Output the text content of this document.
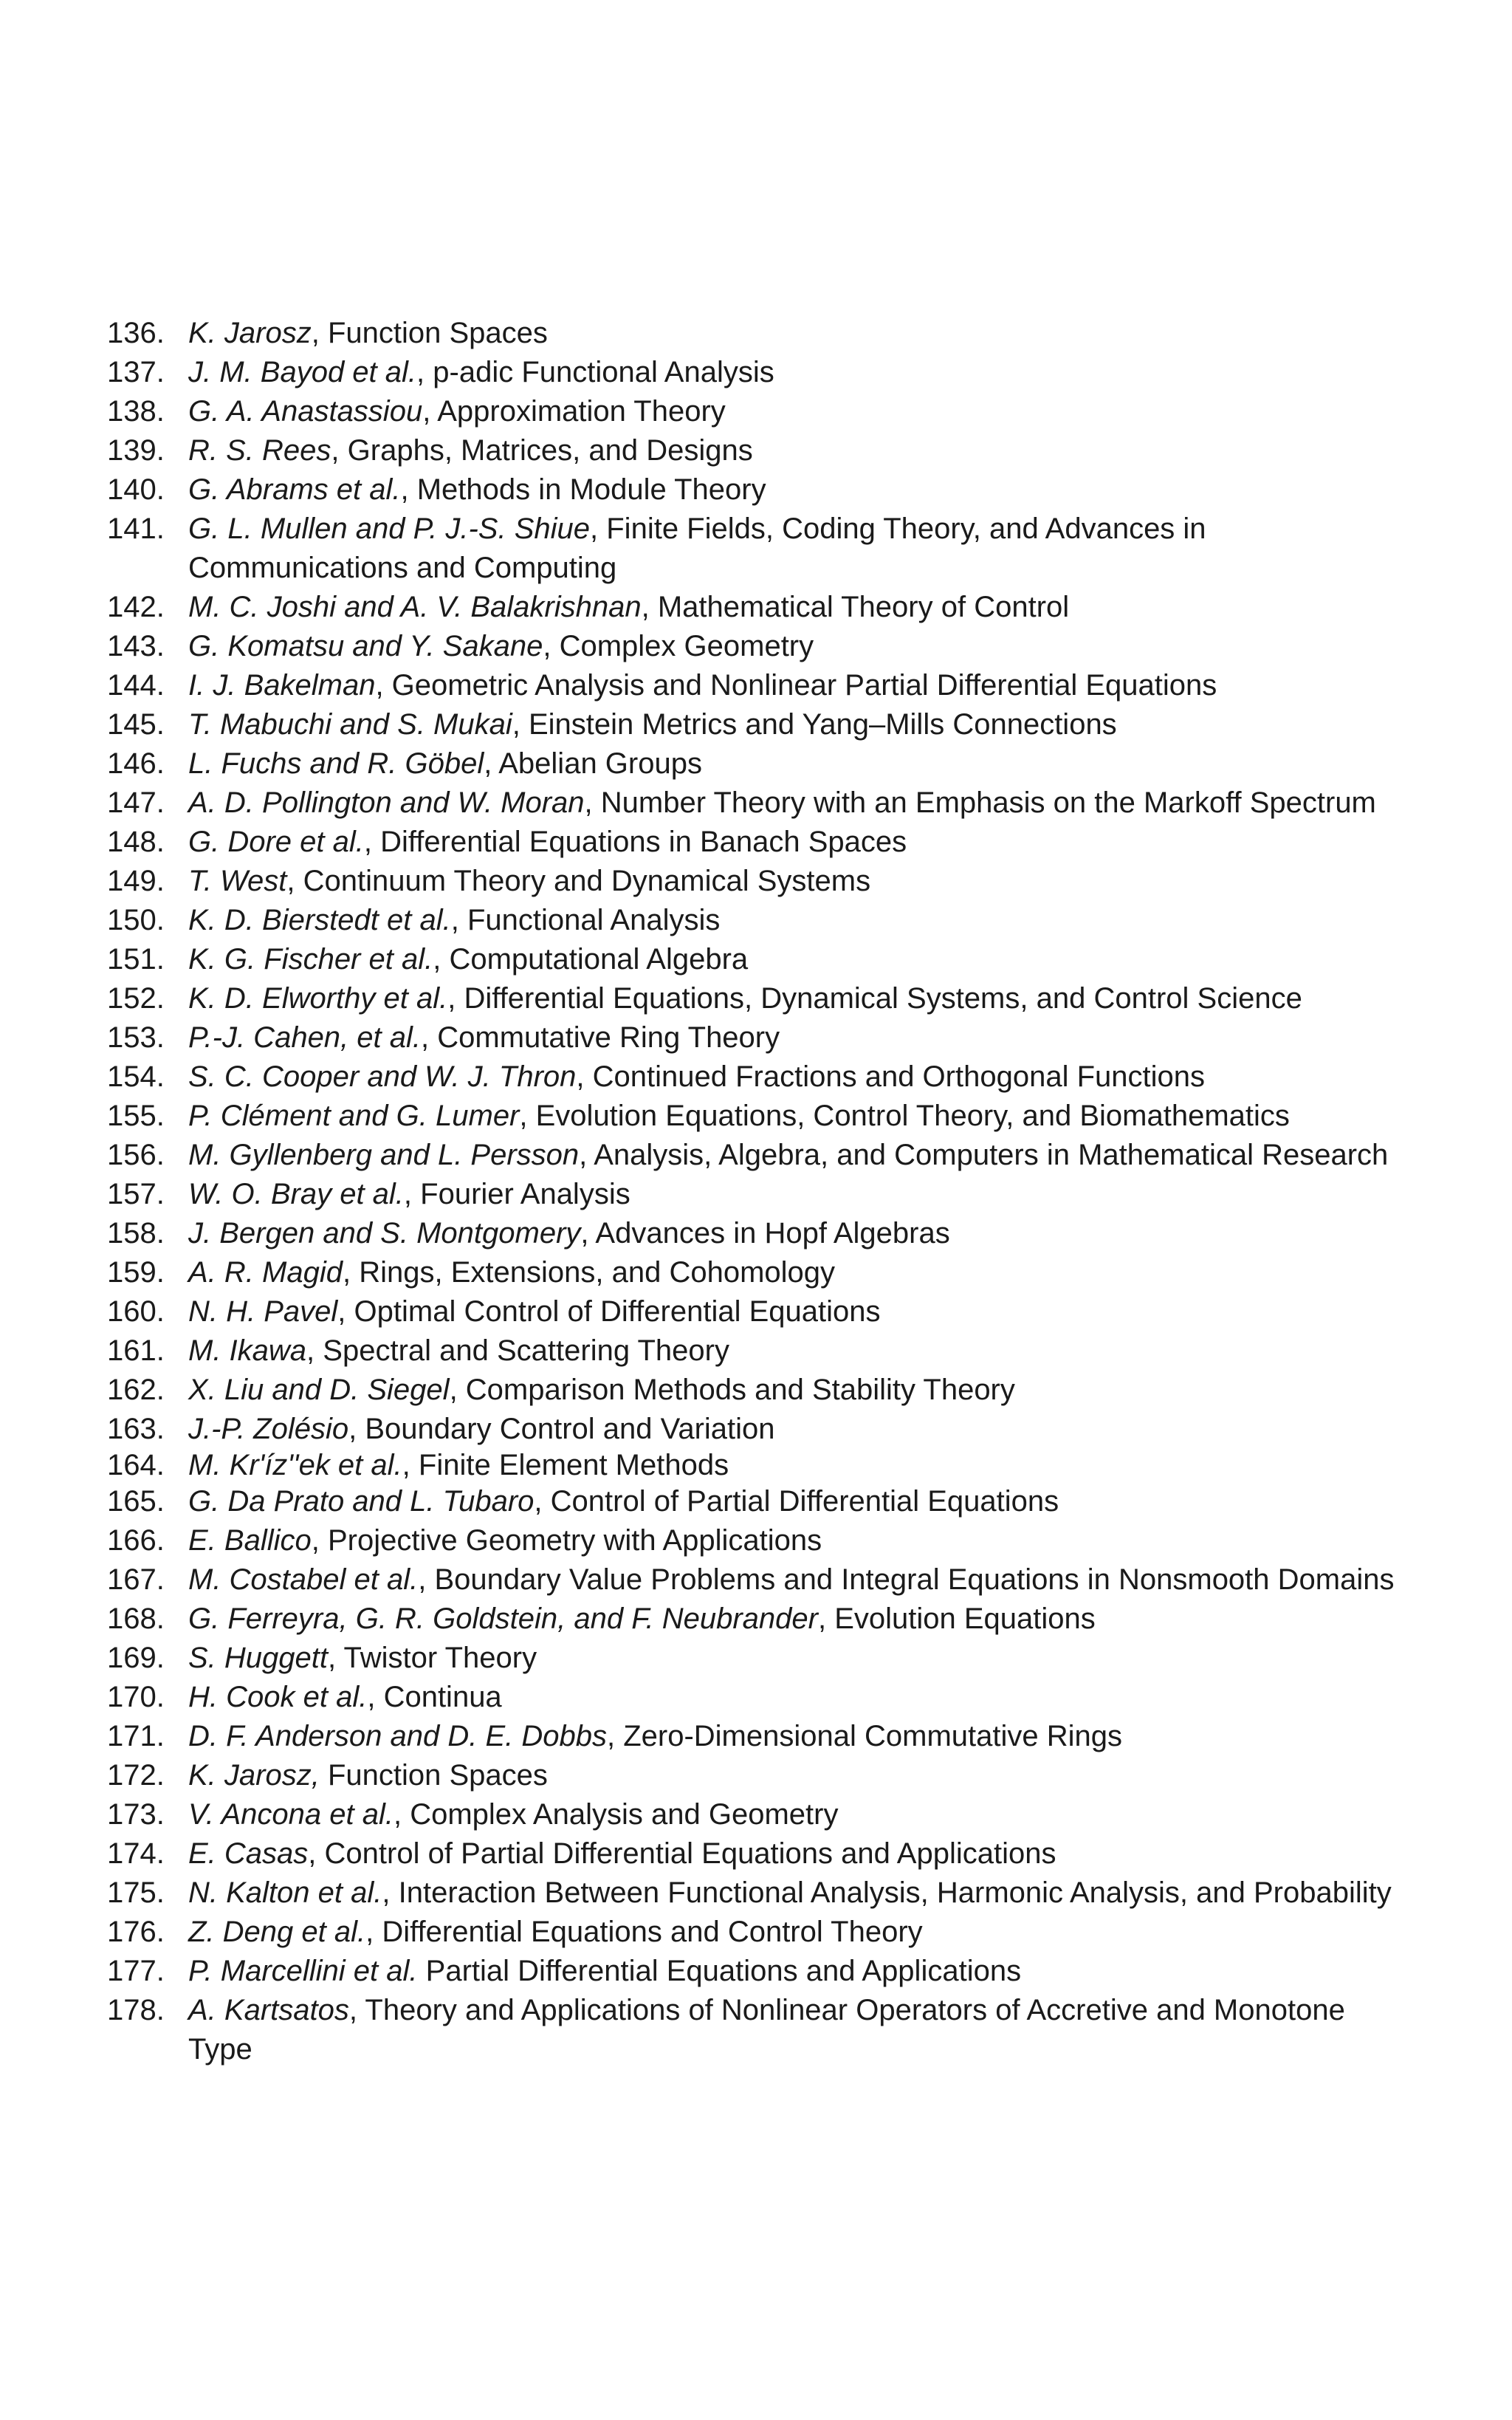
136. K. Jarosz, Function Spaces
137. J. M. Bayod et al., p-adic Functional Analysis
138. G. A. Anastassiou, Approximation Theory
139. R. S. Rees, Graphs, Matrices, and Designs
140. G. Abrams et al., Methods in Module Theory
141. G. L. Mullen and P. J.-S. Shiue, Finite Fields, Coding Theory, and Advances in Communications and Computing
142. M. C. Joshi and A. V. Balakrishnan, Mathematical Theory of Control
143. G. Komatsu and Y. Sakane, Complex Geometry
144. I. J. Bakelman, Geometric Analysis and Nonlinear Partial Differential Equations
145. T. Mabuchi and S. Mukai, Einstein Metrics and Yang–Mills Connections
146. L. Fuchs and R. Göbel, Abelian Groups
147. A. D. Pollington and W. Moran, Number Theory with an Emphasis on the Markoff Spectrum
148. G. Dore et al., Differential Equations in Banach Spaces
149. T. West, Continuum Theory and Dynamical Systems
150. K. D. Bierstedt et al., Functional Analysis
151. K. G. Fischer et al., Computational Algebra
152. K. D. Elworthy et al., Differential Equations, Dynamical Systems, and Control Science
153. P.-J. Cahen, et al., Commutative Ring Theory
154. S. C. Cooper and W. J. Thron, Continued Fractions and Orthogonal Functions
155. P. Clément and G. Lumer, Evolution Equations, Control Theory, and Biomathematics
156. M. Gyllenberg and L. Persson, Analysis, Algebra, and Computers in Mathematical Research
157. W. O. Bray et al., Fourier Analysis
158. J. Bergen and S. Montgomery, Advances in Hopf Algebras
159. A. R. Magid, Rings, Extensions, and Cohomology
160. N. H. Pavel, Optimal Control of Differential Equations
161. M. Ikawa, Spectral and Scattering Theory
162. X. Liu and D. Siegel, Comparison Methods and Stability Theory
163. J.-P. Zolésio, Boundary Control and Variation
164. M. Kr'íz''ek et al., Finite Element Methods
165. G. Da Prato and L. Tubaro, Control of Partial Differential Equations
166. E. Ballico, Projective Geometry with Applications
167. M. Costabel et al., Boundary Value Problems and Integral Equations in Nonsmooth Domains
168. G. Ferreyra, G. R. Goldstein, and F. Neubrander, Evolution Equations
169. S. Huggett, Twistor Theory
170. H. Cook et al., Continua
171. D. F. Anderson and D. E. Dobbs, Zero-Dimensional Commutative Rings
172. K. Jarosz, Function Spaces
173. V. Ancona et al., Complex Analysis and Geometry
174. E. Casas, Control of Partial Differential Equations and Applications
175. N. Kalton et al., Interaction Between Functional Analysis, Harmonic Analysis, and Probability
176. Z. Deng et al., Differential Equations and Control Theory
177. P. Marcellini et al. Partial Differential Equations and Applications
178. A. Kartsatos, Theory and Applications of Nonlinear Operators of Accretive and Monotone Type
